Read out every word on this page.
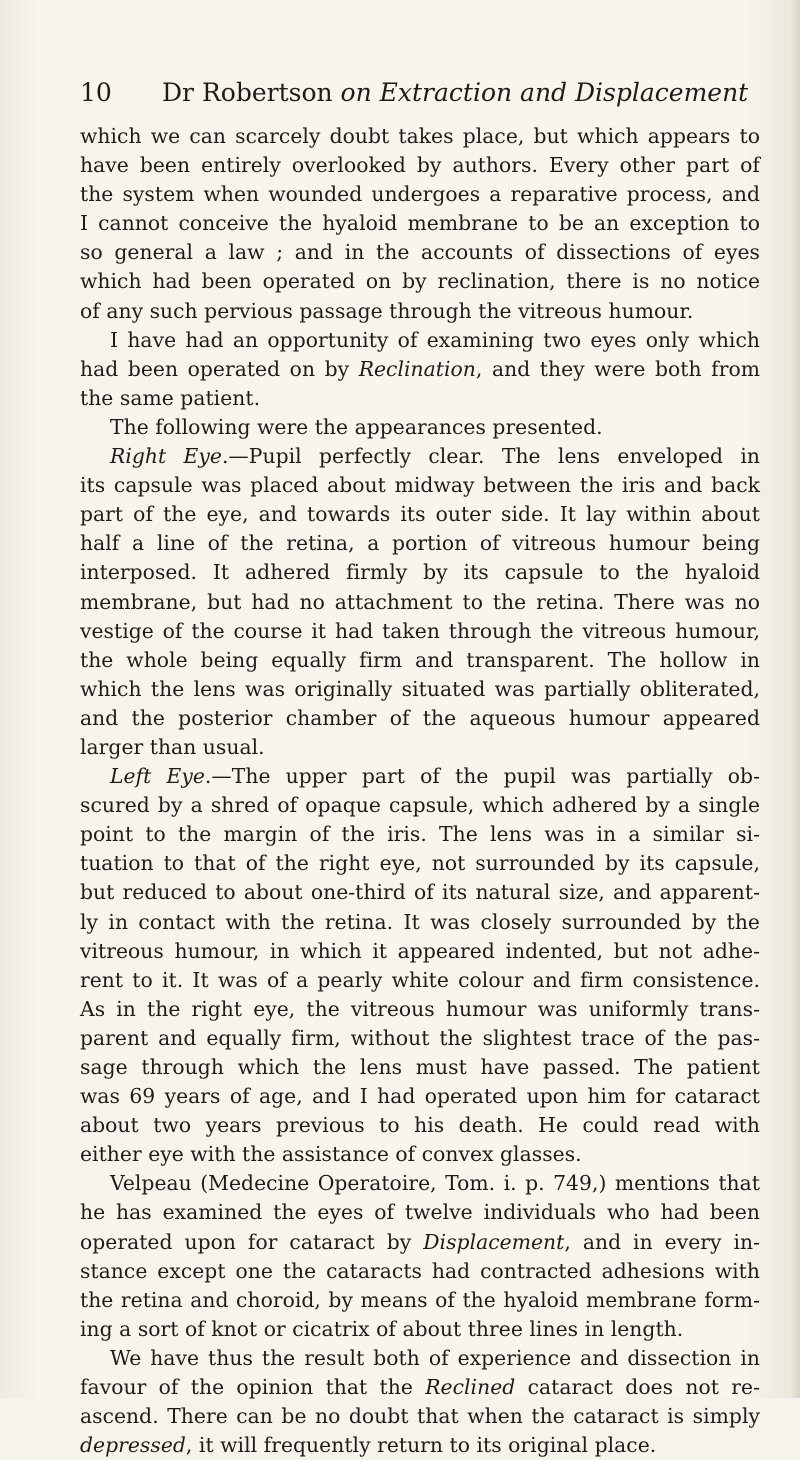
10 Dr Robertson on Extraction and Displacement
which we can scarcely doubt takes place, but which appears to
have been entirely overlooked by authors. Every other part of
the system when wounded undergoes a reparative process, and
I cannot conceive the hyaloid membrane to be an exception to
so general a law ; and in the accounts of dissections of eyes
which had been operated on by reclination, there is no notice
of any such pervious passage through the vitreous humour.
I have had an opportunity of examining two eyes only which
had been operated on by Reclination, and they were both from
the same patient.
The following were the appearances presented.
Right Eye.—Pupil perfectly clear. The lens enveloped in
its capsule was placed about midway between the iris and back
part of the eye, and towards its outer side. It lay within about
half a line of the retina, a portion of vitreous humour being
interposed. It adhered firmly by its capsule to the hyaloid
membrane, but had no attachment to the retina. There was no
vestige of the course it had taken through the vitreous humour,
the whole being equally firm and transparent. The hollow in
which the lens was originally situated was partially obliterated,
and the posterior chamber of the aqueous humour appeared
larger than usual.
Left Eye.—The upper part of the pupil was partially ob-
scured by a shred of opaque capsule, which adhered by a single
point to the margin of the iris. The lens was in a similar si-
tuation to that of the right eye, not surrounded by its capsule,
but reduced to about one-third of its natural size, and apparent-
ly in contact with the retina. It was closely surrounded by the
vitreous humour, in which it appeared indented, but not adhe-
rent to it. It was of a pearly white colour and firm consistence.
As in the right eye, the vitreous humour was uniformly trans-
parent and equally firm, without the slightest trace of the pas-
sage through which the lens must have passed. The patient
was 69 years of age, and I had operated upon him for cataract
about two years previous to his death. He could read with
either eye with the assistance of convex glasses.
Velpeau (Medecine Operatoire, Tom. i. p. 749,) mentions that
he has examined the eyes of twelve individuals who had been
operated upon for cataract by Displacement, and in every in-
stance except one the cataracts had contracted adhesions with
the retina and choroid, by means of the hyaloid membrane form-
ing a sort of knot or cicatrix of about three lines in length.
We have thus the result both of experience and dissection in
favour of the opinion that the Reclined cataract does not re-
ascend. There can be no doubt that when the cataract is simply
depressed, it will frequently return to its original place.
